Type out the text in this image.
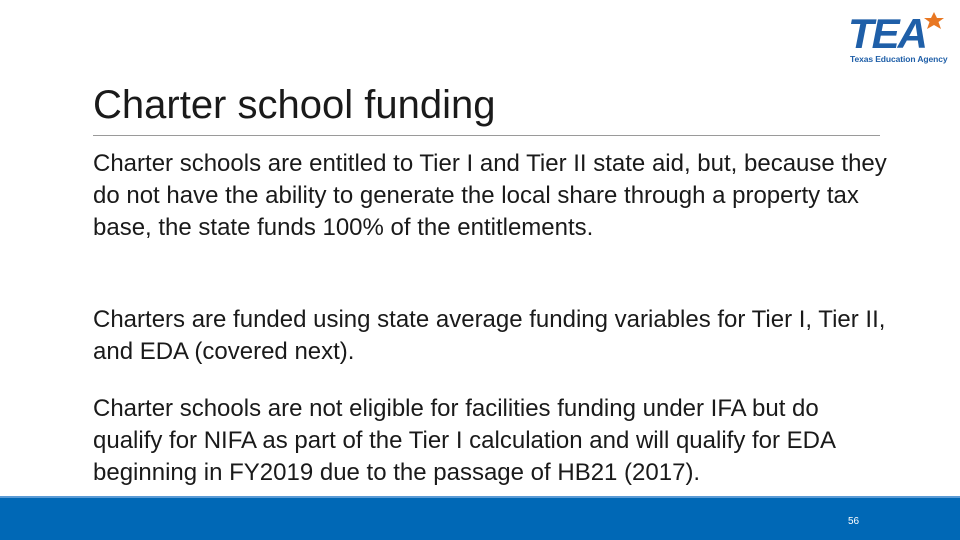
TEA
Texas Education Agency
Charter school funding

Charter schools are entitled to Tier I and Tier II state aid, but, because they do not have the ability to generate the local share through a property tax base, the state funds 100% of the entitlements.

Charters are funded using state average funding variables for Tier I, Tier II, and EDA (covered next).

Charter schools are not eligible for facilities funding under IFA but do qualify for NIFA as part of the Tier I calculation and will qualify for EDA beginning in FY2019 due to the passage of HB21 (2017).

56
